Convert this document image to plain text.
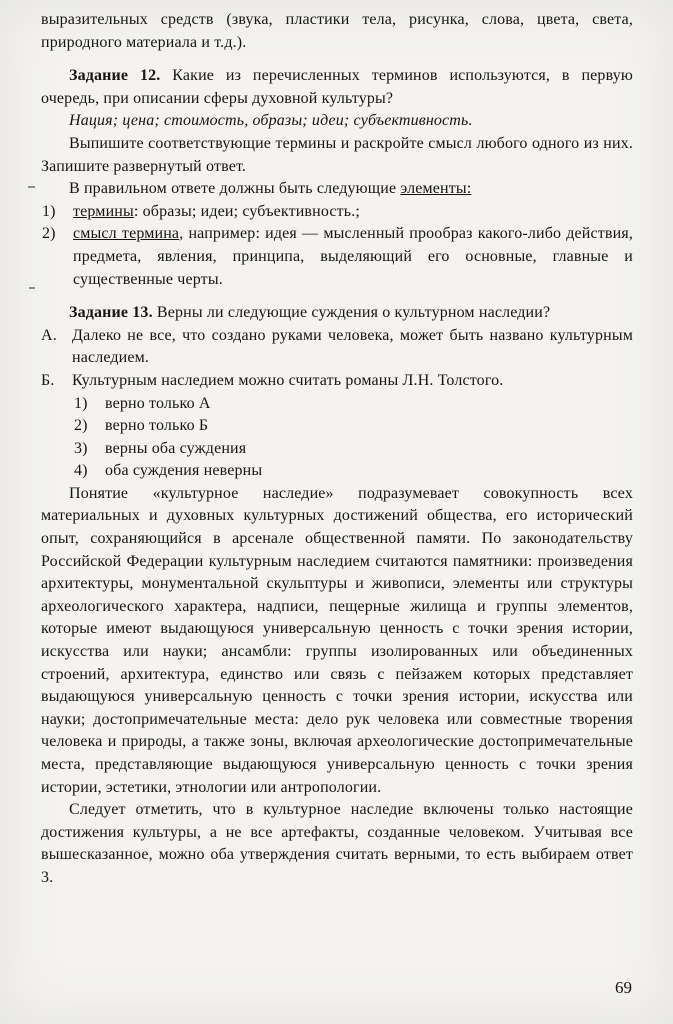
выразительных средств (звука, пластики тела, рисунка, слова, цвета, света, природного материала и т.д.).
Задание 12. Какие из перечисленных терминов используются, в первую очередь, при описании сферы духовной культуры?
Нация; цена; стоимость, образы; идеи; субъективность.
Выпишите соответствующие термины и раскройте смысл любого одного из них. Запишите развернутый ответ.
В правильном ответе должны быть следующие элементы:
1) термины: образы; идеи; субъективность.;
2) смысл термина, например: идея — мысленный прообраз какого-либо действия, предмета, явления, принципа, выделяющий его основные, главные и существенные черты.
Задание 13. Верны ли следующие суждения о культурном наследии?
А. Далеко не все, что создано руками человека, может быть названо культурным наследием.
Б. Культурным наследием можно считать романы Л.Н. Толстого.
1) верно только А
2) верно только Б
3) верны оба суждения
4) оба суждения неверны
Понятие «культурное наследие» подразумевает совокупность всех материальных и духовных культурных достижений общества, его исторический опыт, сохраняющийся в арсенале общественной памяти. По законодательству Российской Федерации культурным наследием считаются памятники: произведения архитектуры, монументальной скульптуры и живописи, элементы или структуры археологического характера, надписи, пещерные жилища и группы элементов, которые имеют выдающуюся универсальную ценность с точки зрения истории, искусства или науки; ансамбли: группы изолированных или объединенных строений, архитектура, единство или связь с пейзажем которых представляет выдающуюся универсальную ценность с точки зрения истории, искусства или науки; достопримечательные места: дело рук человека или совместные творения человека и природы, а также зоны, включая археологические достопримечательные места, представляющие выдающуюся универсальную ценность с точки зрения истории, эстетики, этнологии или антропологии.
Следует отметить, что в культурное наследие включены только настоящие достижения культуры, а не все артефакты, созданные человеком. Учитывая все вышесказанное, можно оба утверждения считать верными, то есть выбираем ответ 3.
69
